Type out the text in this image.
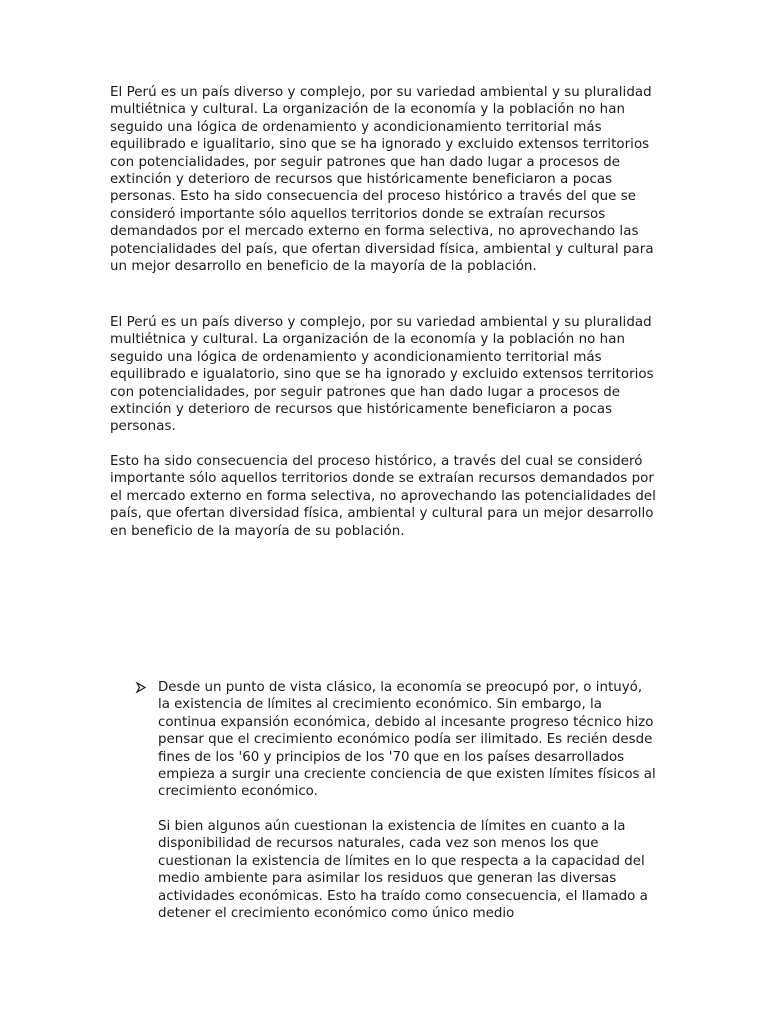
El Perú es un país diverso y complejo, por su variedad ambiental y su pluralidad multiétnica y cultural. La organización de la economía y la población no han seguido una lógica de ordenamiento y acondicionamiento territorial más equilibrado e igualitario, sino que se ha ignorado y excluido extensos territorios con potencialidades, por seguir patrones que han dado lugar a procesos de extinción y deterioro de recursos que históricamente beneficiaron a pocas personas. Esto ha sido consecuencia del proceso histórico a través del que se consideró importante sólo aquellos territorios donde se extraían recursos demandados por el mercado externo en forma selectiva, no aprovechando las potencialidades del país, que ofertan diversidad física, ambiental y cultural para un mejor desarrollo en beneficio de la mayoría de la población.

El Perú es un país diverso y complejo, por su variedad ambiental y su pluralidad multiétnica y cultural. La organización de la economía y la población no han seguido una lógica de ordenamiento y acondicionamiento territorial más equilibrado e igualatorio, sino que se ha ignorado y excluido extensos territorios con potencialidades, por seguir patrones que han dado lugar a procesos de extinción y deterioro de recursos que históricamente beneficiaron a pocas personas.

Esto ha sido consecuencia del proceso histórico, a través del cual se consideró importante sólo aquellos territorios donde se extraían recursos demandados por el mercado externo en forma selectiva, no aprovechando las potencialidades del país, que ofertan diversidad física, ambiental y cultural para un mejor desarrollo en beneficio de la mayoría de su población.

Desde un punto de vista clásico, la economía se preocupó por, o intuyó, la existencia de límites al crecimiento económico. Sin embargo, la continua expansión económica, debido al incesante progreso técnico hizo pensar que el crecimiento económico podía ser ilimitado. Es recién desde fines de los '60 y principios de los '70 que en los países desarrollados empieza a surgir una creciente conciencia de que existen límites físicos al crecimiento económico.

Si bien algunos aún cuestionan la existencia de límites en cuanto a la disponibilidad de recursos naturales, cada vez son menos los que cuestionan la existencia de límites en lo que respecta a la capacidad del medio ambiente para asimilar los residuos que generan las diversas actividades económicas. Esto ha traído como consecuencia, el llamado a detener el crecimiento económico como único medio
